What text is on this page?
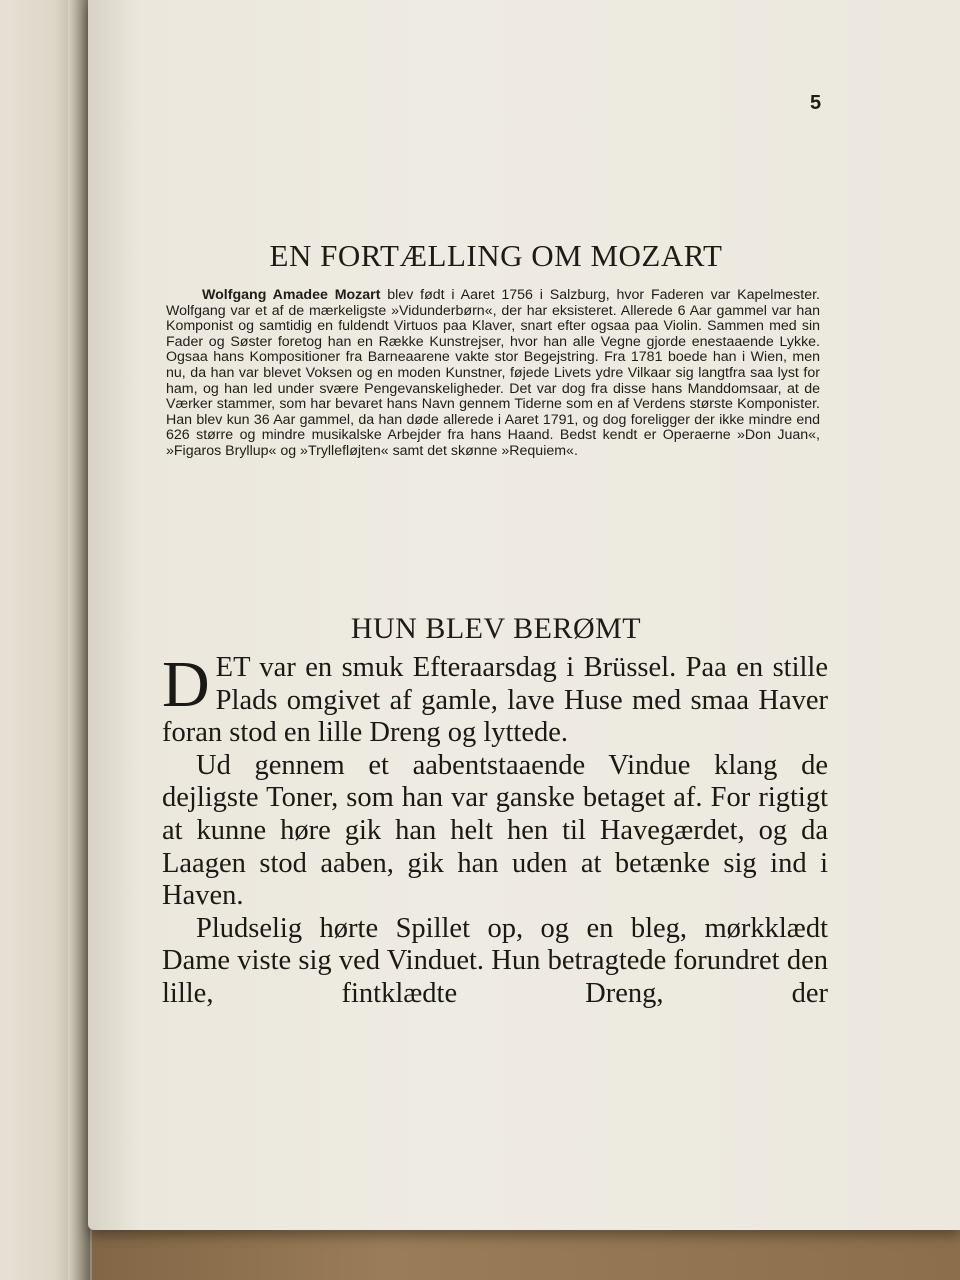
5
EN FORTÆLLING OM MOZART

Wolfgang Amadee Mozart blev født i Aaret 1756 i Salzburg, hvor Faderen var Kapelmester. Wolfgang var et af de mærkeligste »Vidunderbørn«, der har eksisteret. Allerede 6 Aar gammel var han Komponist og samtidig en fuldendt Virtuos paa Klaver, snart efter ogsaa paa Violin. Sammen med sin Fader og Søster foretog han en Række Kunstrejser, hvor han alle Vegne gjorde enestaaende Lykke. Ogsaa hans Kompositioner fra Barneaarene vakte stor Begejstring. Fra 1781 boede han i Wien, men nu, da han var blevet Voksen og en moden Kunstner, føjede Livets ydre Vilkaar sig langtfra saa lyst for ham, og han led under svære Pengevanskeligheder. Det var dog fra disse hans Manddomsaar, at de Værker stammer, som har bevaret hans Navn gennem Tiderne som en af Verdens største Komponister. Han blev kun 36 Aar gammel, da han døde allerede i Aaret 1791, og dog foreligger der ikke mindre end 626 større og mindre musikalske Arbejder fra hans Haand. Bedst kendt er Operaerne »Don Juan«, »Figaros Bryllup« og »Tryllefløjten« samt det skønne »Requiem«.

HUN BLEV BERØMT

DET var en smuk Efteraarsdag i Brüssel. Paa en stille Plads omgivet af gamle, lave Huse med smaa Haver foran stod en lille Dreng og lyttede.

Ud gennem et aabentstaaende Vindue klang de dejligste Toner, som han var ganske betaget af. For rigtigt at kunne høre gik han helt hen til Havegærdet, og da Laagen stod aaben, gik han uden at betænke sig ind i Haven.

Pludselig hørte Spillet op, og en bleg, mørkklædt Dame viste sig ved Vinduet. Hun betragtede forundret den lille, fintklædte Dreng, der
